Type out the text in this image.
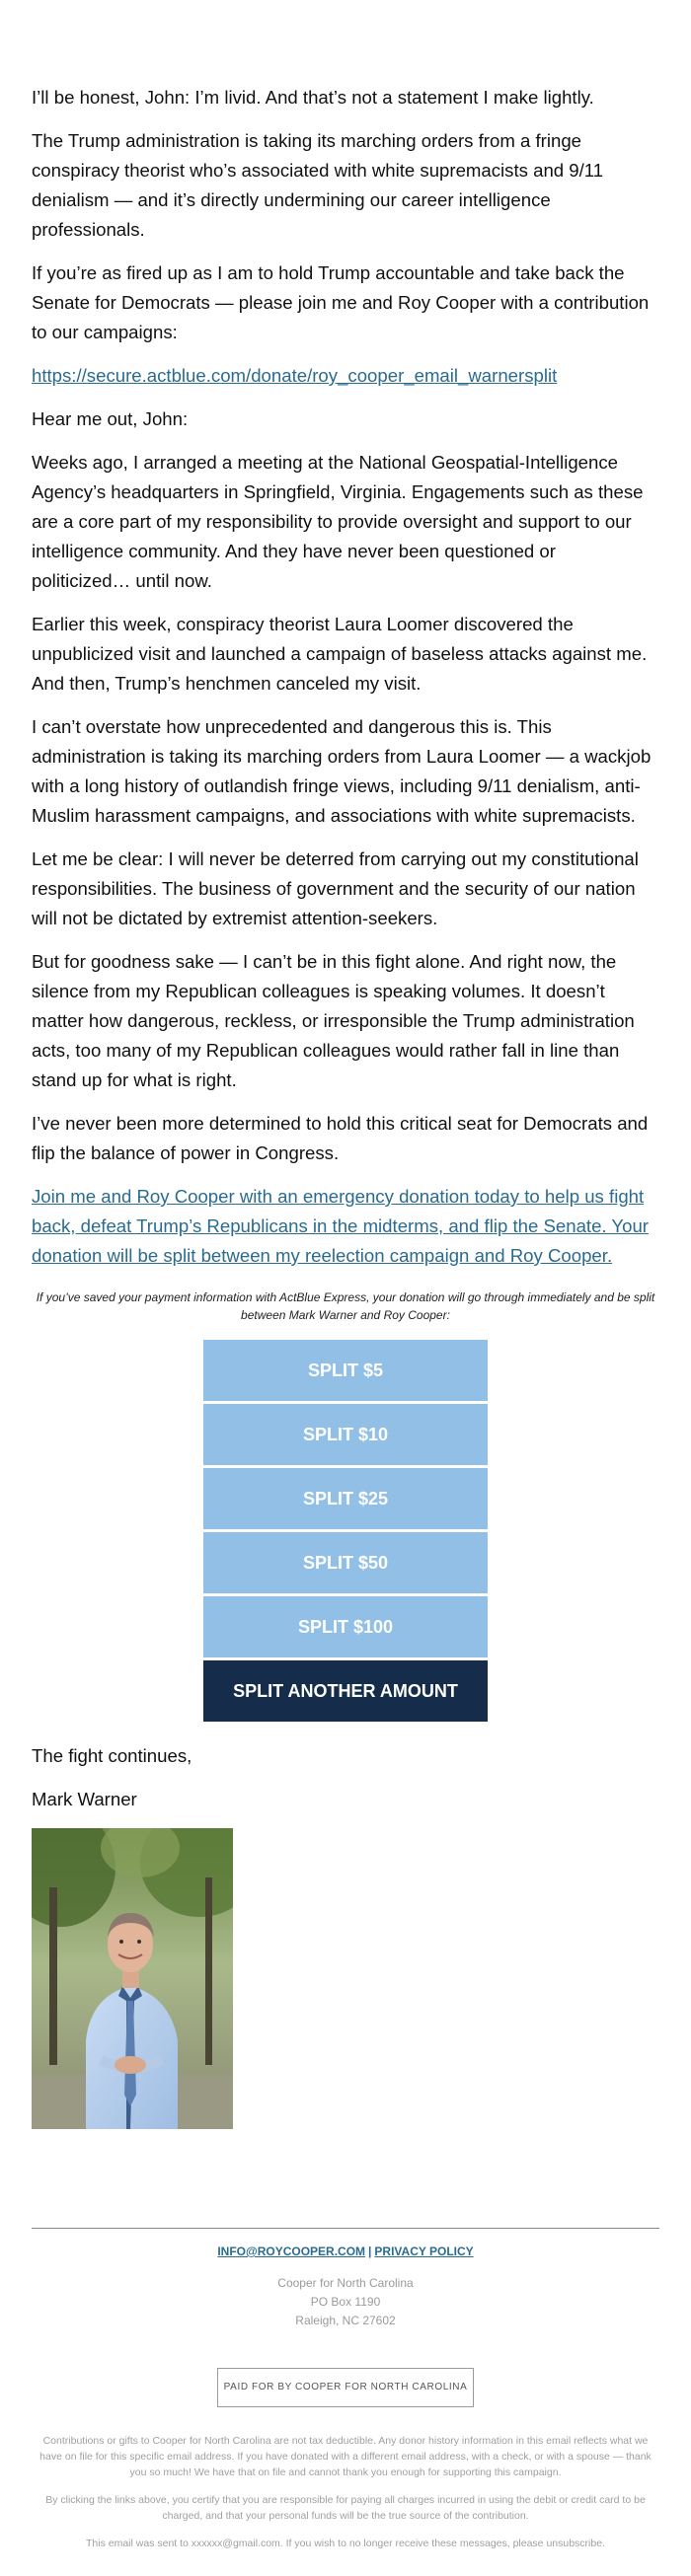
I’ll be honest, John: I’m livid. And that’s not a statement I make lightly.

The Trump administration is taking its marching orders from a fringe conspiracy theorist who’s associated with white supremacists and 9/11 denialism — and it’s directly undermining our career intelligence professionals.

If you’re as fired up as I am to hold Trump accountable and take back the Senate for Democrats — please join me and Roy Cooper with a contribution to our campaigns:

https://secure.actblue.com/donate/roy_cooper_email_warnersplit

Hear me out, John:

Weeks ago, I arranged a meeting at the National Geospatial-Intelligence Agency’s headquarters in Springfield, Virginia. Engagements such as these are a core part of my responsibility to provide oversight and support to our intelligence community. And they have never been questioned or politicized… until now.

Earlier this week, conspiracy theorist Laura Loomer discovered the unpublicized visit and launched a campaign of baseless attacks against me. And then, Trump’s henchmen canceled my visit.

I can’t overstate how unprecedented and dangerous this is. This administration is taking its marching orders from Laura Loomer — a wackjob with a long history of outlandish fringe views, including 9/11 denialism, anti-Muslim harassment campaigns, and associations with white supremacists.

Let me be clear: I will never be deterred from carrying out my constitutional responsibilities. The business of government and the security of our nation will not be dictated by extremist attention-seekers.

But for goodness sake — I can’t be in this fight alone. And right now, the silence from my Republican colleagues is speaking volumes. It doesn’t matter how dangerous, reckless, or irresponsible the Trump administration acts, too many of my Republican colleagues would rather fall in line than stand up for what is right.

I’ve never been more determined to hold this critical seat for Democrats and flip the balance of power in Congress.

Join me and Roy Cooper with an emergency donation today to help us fight back, defeat Trump’s Republicans in the midterms, and flip the Senate. Your donation will be split between my reelection campaign and Roy Cooper.

If you’ve saved your payment information with ActBlue Express, your donation will go through immediately and be split between Mark Warner and Roy Cooper:

SPLIT $5
SPLIT $10
SPLIT $25
SPLIT $50
SPLIT $100
SPLIT ANOTHER AMOUNT

The fight continues,

Mark Warner

INFO@ROYCOOPER.COM | PRIVACY POLICY
Cooper for North Carolina
PO Box 1190
Raleigh, NC 27602
PAID FOR BY COOPER FOR NORTH CAROLINA

Contributions or gifts to Cooper for North Carolina are not tax deductible. Any donor history information in this email reflects what we have on file for this specific email address. If you have donated with a different email address, with a check, or with a spouse — thank you so much! We have that on file and cannot thank you enough for supporting this campaign.

By clicking the links above, you certify that you are responsible for paying all charges incurred in using the debit or credit card to be charged, and that your personal funds will be the true source of the contribution.

This email was sent to xxxxxx@gmail.com. If you wish to no longer receive these messages, please unsubscribe.
